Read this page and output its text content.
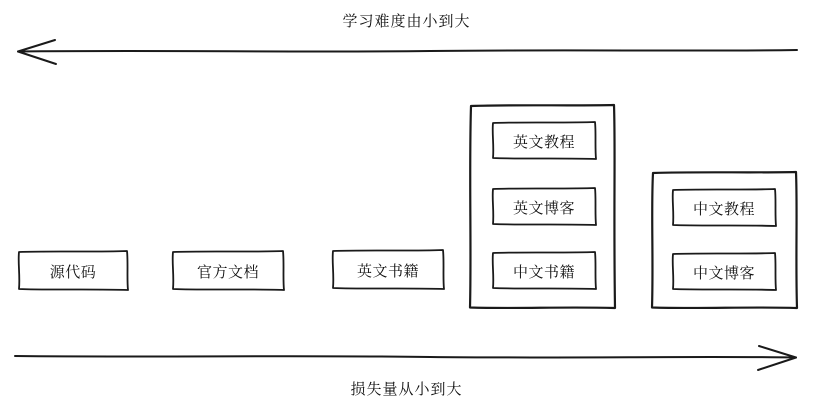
学习难度由小到大
损失量从小到大
源代码	官方文档	英文书籍
英文教程
英文博客
中文书籍
中文教程
中文博客
